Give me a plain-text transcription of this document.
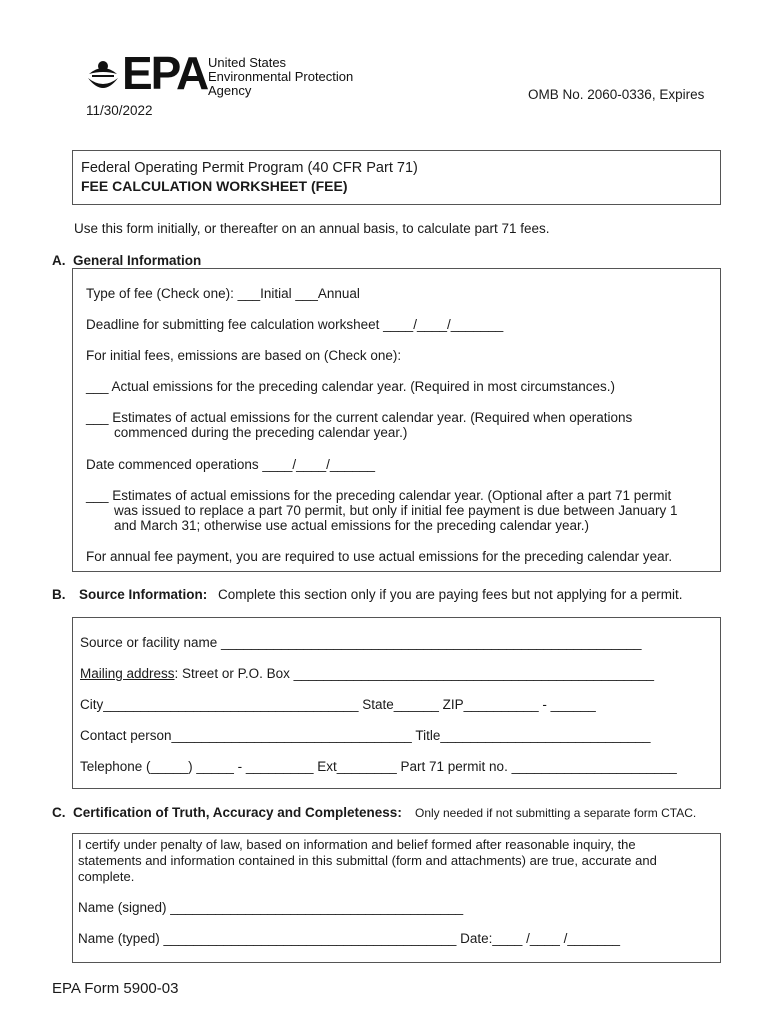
EPA United States
Environmental Protection
Agency	OMB No. 2060-0336, Expires
11/30/2022
Federal Operating Permit Program (40 CFR Part 71)
FEE CALCULATION WORKSHEET (FEE)
Use this form initially, or thereafter on an annual basis, to calculate part 71 fees.
A. General Information
Type of fee (Check one): ___Initial ___Annual
Deadline for submitting fee calculation worksheet ____/____/_______
For initial fees, emissions are based on (Check one):
___ Actual emissions for the preceding calendar year. (Required in most circumstances.)
___ Estimates of actual emissions for the current calendar year. (Required when operations
commenced during the preceding calendar year.)
Date commenced operations ____/____/______
___ Estimates of actual emissions for the preceding calendar year. (Optional after a part 71 permit
was issued to replace a part 70 permit, but only if initial fee payment is due between January 1
and March 31; otherwise use actual emissions for the preceding calendar year.)
For annual fee payment, you are required to use actual emissions for the preceding calendar year.
B. Source Information: Complete this section only if you are paying fees but not applying for a permit.
Source or facility name ________________________________________________________
Mailing address: Street or P.O. Box ________________________________________________
City__________________________________ State______ ZIP__________ - ______
Contact person________________________________ Title____________________________
Telephone (_____) _____ - _________ Ext________ Part 71 permit no. ______________________
C. Certification of Truth, Accuracy and Completeness: Only needed if not submitting a separate form CTAC.
I certify under penalty of law, based on information and belief formed after reasonable inquiry, the
statements and information contained in this submittal (form and attachments) are true, accurate and
complete.
Name (signed) _______________________________________
Name (typed) _______________________________________ Date:____ /____ /_______
EPA Form 5900-03
